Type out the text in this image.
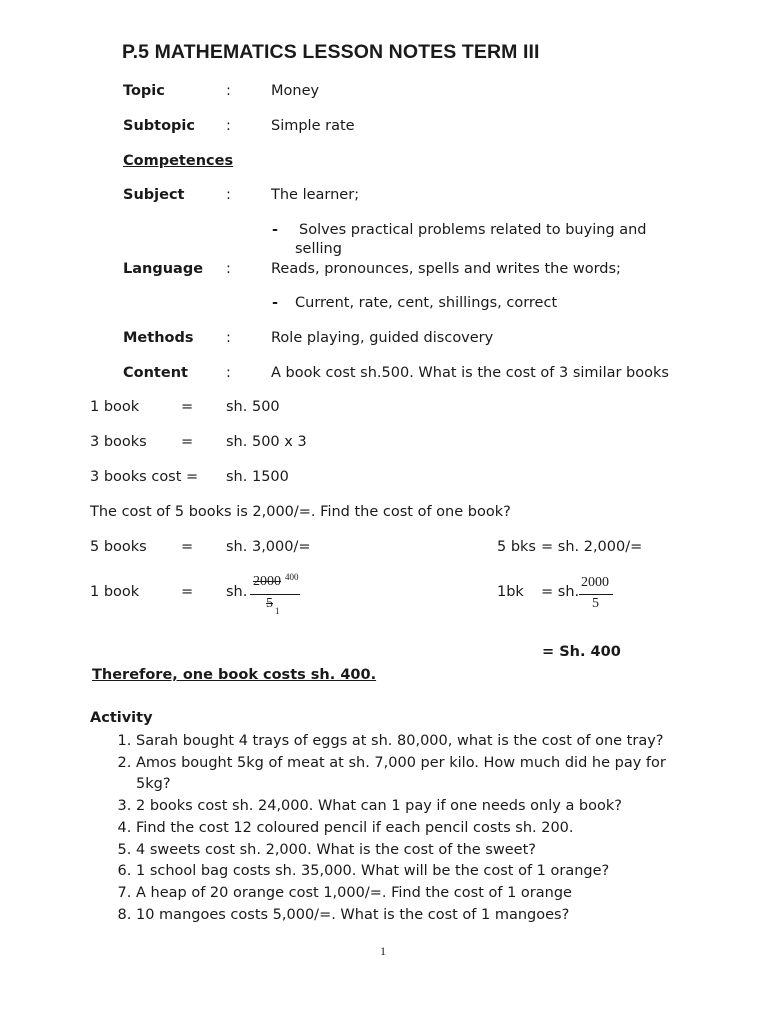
P.5 MATHEMATICS LESSON NOTES TERM III
Topic	:	Money
Subtopic :	Simple rate
Competences
Subject	:	The learner;
- Solves practical problems related to buying and
selling
Language :	Reads, pronounces, spells and writes the words;
- Current, rate, cent, shillings, correct
Methods :	Role playing, guided discovery
Content	:	A book cost sh.500. What is the cost of 3 similar books
1 book	= sh. 500
3 books = sh. 500 x 3
3 books cost = sh. 1500
The cost of 5 books is 2,000/=. Find the cost of one book?
5 books = sh. 3,000/=	5 bks = sh. 2,000/=
1 book	= sh.
2000 400
5 1
1bk = sh.
2000
5
= Sh. 400
Therefore, one book costs sh. 400.
Activity
1. Sarah bought 4 trays of eggs at sh. 80,000, what is the cost of one tray?
2. Amos bought 5kg of meat at sh. 7,000 per kilo. How much did he pay for 5kg?
3. 2 books cost sh. 24,000. What can 1 pay if one needs only a book?
4. Find the cost 12 coloured pencil if each pencil costs sh. 200.
5. 4 sweets cost sh. 2,000. What is the cost of the sweet?
6. 1 school bag costs sh. 35,000. What will be the cost of 1 orange?
7. A heap of 20 orange cost 1,000/=. Find the cost of 1 orange
8. 10 mangoes costs 5,000/=. What is the cost of 1 mangoes?
1
